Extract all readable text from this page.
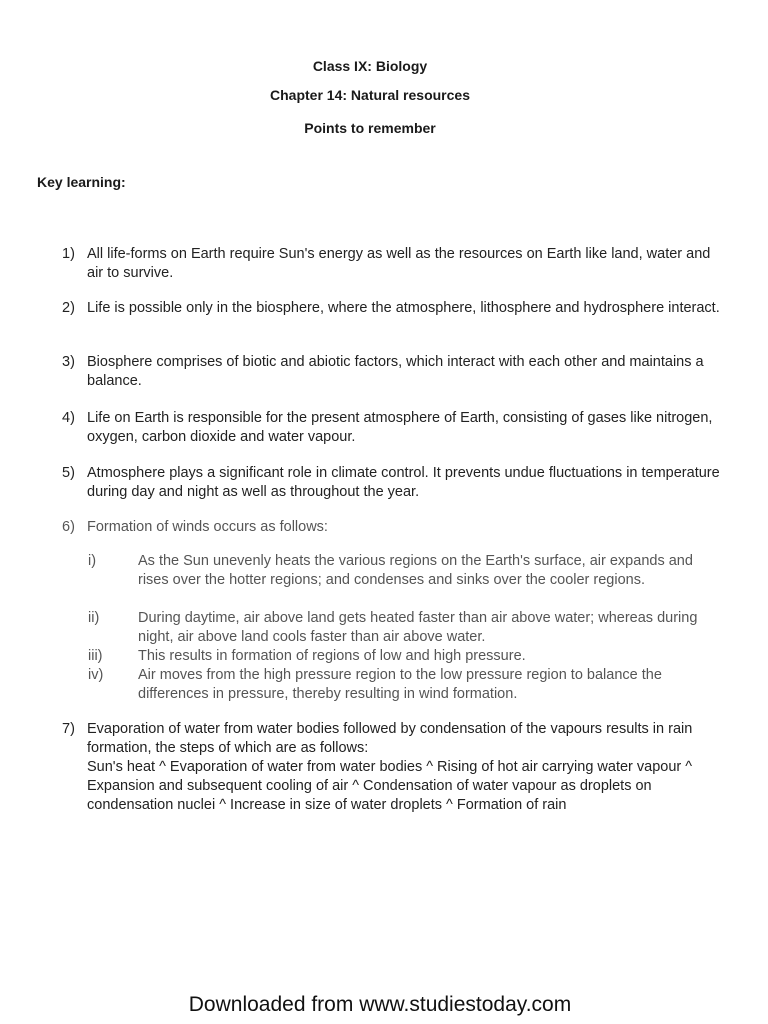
Class IX: Biology
Chapter 14: Natural resources
Points to remember
Key learning:
1) All life-forms on Earth require Sun's energy as well as the resources on Earth like land, water and air to survive.
2) Life is possible only in the biosphere, where the atmosphere, lithosphere and hydrosphere interact.
3) Biosphere comprises of biotic and abiotic factors, which interact with each other and maintains a balance.
4) Life on Earth is responsible for the present atmosphere of Earth, consisting of gases like nitrogen, oxygen, carbon dioxide and water vapour.
5) Atmosphere plays a significant role in climate control. It prevents undue fluctuations in temperature during day and night as well as throughout the year.
6) Formation of winds occurs as follows:
i)	As the Sun unevenly heats the various regions on the Earth's surface, air expands and rises over the hotter regions; and condenses and sinks over the cooler regions.
ii)	During daytime, air above land gets heated faster than air above water; whereas during night, air above land cools faster than air above water.
iii) This results in formation of regions of low and high pressure.
iv) Air moves from the high pressure region to the low pressure region to balance the differences in pressure, thereby resulting in wind formation.
7) Evaporation of water from water bodies followed by condensation of the vapours results in rain formation, the steps of which are as follows:
Sun's heat ^ Evaporation of water from water bodies ^ Rising of hot air carrying water vapour ^ Expansion and subsequent cooling of air ^ Condensation of water vapour as droplets on condensation nuclei ^ Increase in size of water droplets ^ Formation of rain
Downloaded from www.studiestoday.com
